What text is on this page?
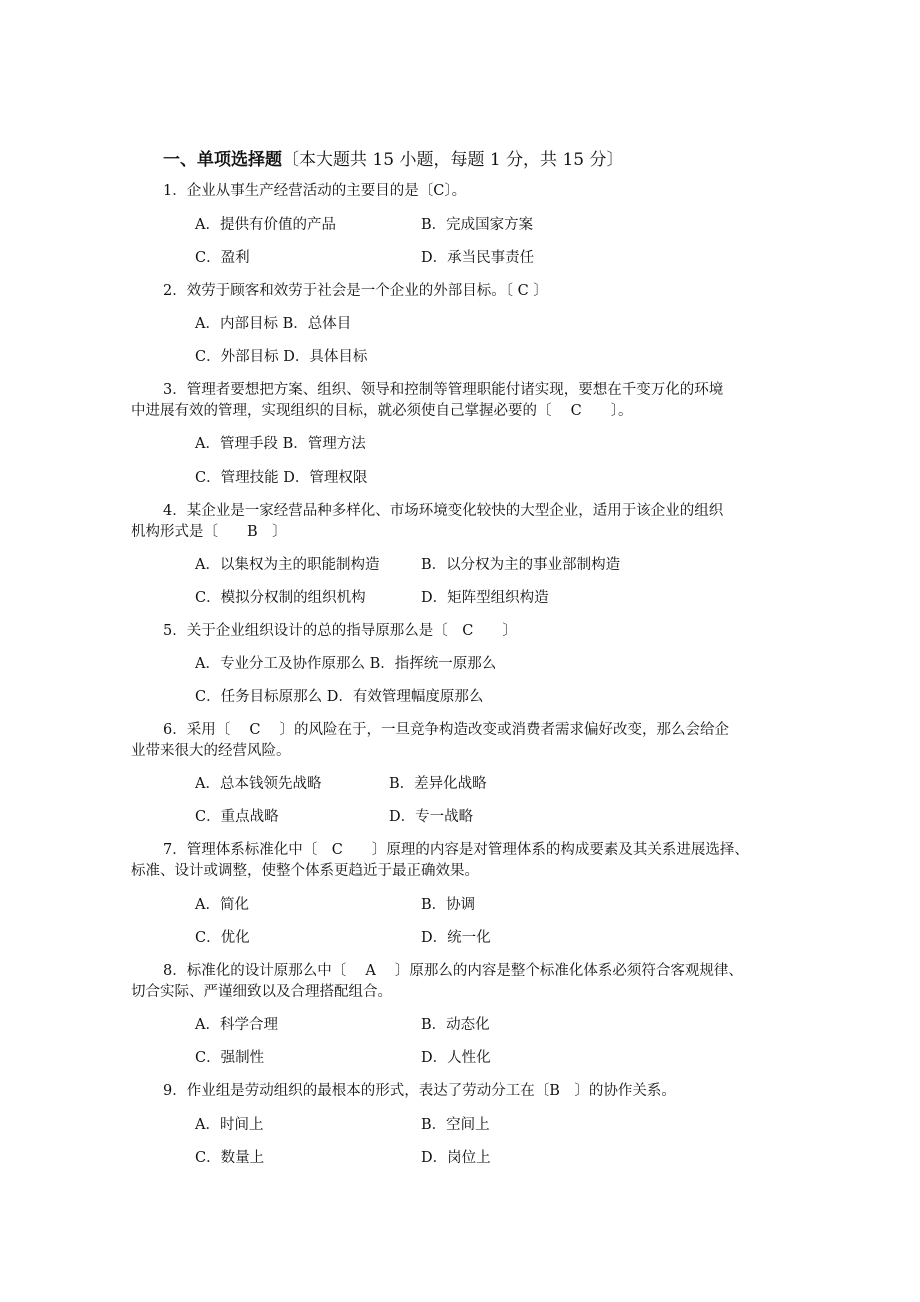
一、单项选择题〔本大题共 15 小题，每题 1 分，共 15 分〕
1．企业从事生产经营活动的主要目的是〔C〕。
A．提供有价值的产品	B．完成国家方案
C．盈利	D．承当民事责任
2．效劳于顾客和效劳于社会是一个企业的外部目标。〔 C 〕
A．内部目标 B．总体目
C．外部目标 D．具体目标
3．管理者要想把方案、组织、领导和控制等管理职能付诸实现，要想在千变万化的环境
中进展有效的管理，实现组织的目标，就必须使自己掌握必要的〔　 C　　〕。
A．管理手段 B．管理方法
C．管理技能 D．管理权限
4．某企业是一家经营品种多样化、市场环境变化较快的大型企业，适用于该企业的组织
机构形式是〔　　B　〕
A．以集权为主的职能制构造	B．以分权为主的事业部制构造
C．模拟分权制的组织机构	D．矩阵型组织构造
5．关于企业组织设计的总的指导原那么是〔　C　　〕
A．专业分工及协作原那么 B．指挥统一原那么
C．任务目标原那么 D．有效管理幅度原那么
6．采用〔　 C　 〕的风险在于，一旦竞争构造改变或消费者需求偏好改变，那么会给企
业带来很大的经营风险。
A．总本钱领先战略	B．差异化战略
C．重点战略	D．专一战略
7．管理体系标准化中〔　C　　〕原理的内容是对管理体系的构成要素及其关系进展选择、
标准、设计或调整，使整个体系更趋近于最正确效果。
A．简化	B．协调
C．优化	D．统一化
8．标准化的设计原那么中〔　 A　 〕原那么的内容是整个标准化体系必须符合客观规律、
切合实际、严谨细致以及合理搭配组合。
A．科学合理	B．动态化
C．强制性	D．人性化
9．作业组是劳动组织的最根本的形式，表达了劳动分工在〔B　〕的协作关系。
A．时间上	B．空间上
C．数量上	D．岗位上
